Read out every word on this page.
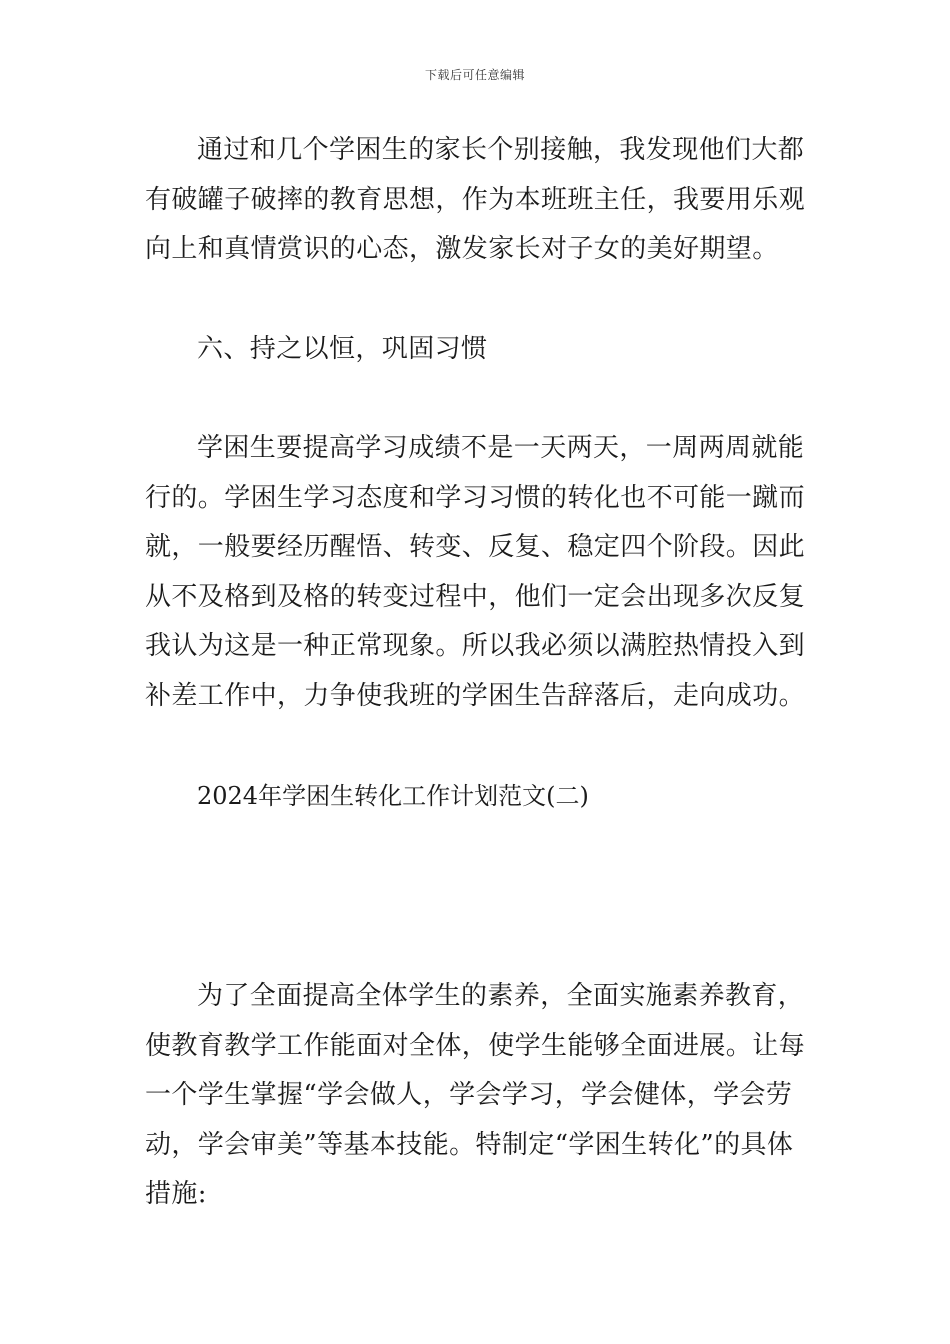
下载后可任意编辑

通过和几个学困生的家长个别接触，我发现他们大都有破罐子破摔的教育思想，作为本班班主任，我要用乐观向上和真情赏识的心态，激发家长对子女的美好期望。

六、持之以恒，巩固习惯

学困生要提高学习成绩不是一天两天，一周两周就能行的。学困生学习态度和学习习惯的转化也不可能一蹴而就，一般要经历醒悟、转变、反复、稳定四个阶段。因此从不及格到及格的转变过程中，他们一定会出现多次反复我认为这是一种正常现象。所以我必须以满腔热情投入到补差工作中，力争使我班的学困生告辞落后，走向成功。

2024年学困生转化工作计划范文(二)

为了全面提高全体学生的素养，全面实施素养教育，使教育教学工作能面对全体，使学生能够全面进展。让每一个学生掌握“学会做人，学会学习，学会健体，学会劳动，学会审美”等基本技能。特制定“学困生转化”的具体措施:
